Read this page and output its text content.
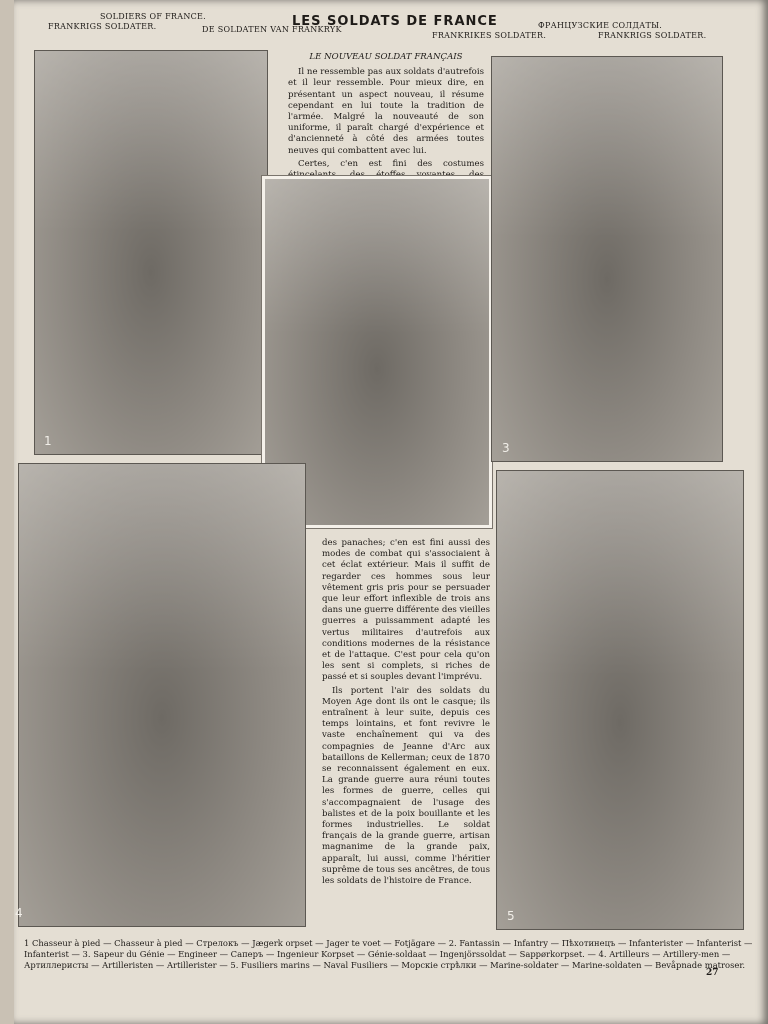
SOLDIERS OF FRANCE.
FRANKRIGS SOLDATER.	DE SOLDATEN VAN FRANKRYK
LES SOLDATS DE FRANCE
FRANKRIKES SOLDATER.
ФРАНЦУЗСКИЕ СОЛДАТЫ.
FRANKRIGS SOLDATER.
1
LE NOUVEAU SOLDAT FRANÇAIS

Il ne ressemble pas aux soldats d'autrefois et il leur ressemble. Pour mieux dire, en présentant un aspect nouveau, il résume cependant en lui toute la tradition de l'armée. Malgré la nouveauté de son uniforme, il paraît chargé d'expérience et d'ancienneté à côté des armées toutes neuves qui combattent avec lui.

Certes, c'en est fini des costumes

3
4

des panaches; c'en est fini aussi des modes de combat qui s'associaient à cet éclat extérieur. Mais il suffit de regarder ces hommes sous leur vêtement gris pris pour se persuader que leur effort inflexible de trois ans dans une guerre différente des vieilles guerres a puissamment adapté les vertus militaires d'autrefois aux conditions modernes de la résistance et de l'attaque. C'est pour cela qu'on les sent si complets, si riches de passé et si souples devant l'imprévu.

Ils portent l'air des soldats du Moyen Age dont ils ont le casque; ils entraînent à leur suite, depuis ces temps lointains, et font revivre le vaste enchaînement qui va des compagnies de Jeanne d'Arc aux bataillons de Kellerman; ceux de 1870 se reconnaissent également en eux. La grande guerre aura réuni toutes les formes de guerre, celles qui s'accompagnaient de l'usage des balistes et de la poix bouillante et les formes industrielles. Le soldat français de la grande guerre, artisan magnanime de la grande paix, apparaît, lui aussi, comme l'héritier suprême de tous ses ancêtres, de tous les soldats de l'histoire de France.

5
1 Chasseur à pied — Chasseur à pied — Стрелокъ — Jægerk orpset — Jager te voet — Fotjägare — 2. Fantassin — Infantry — Пѣхотинецъ — Infanterister — Infanterist — Infanterist — 3. Sapeur du Génie — Engineer — Саперъ — Ingenieur Korpset — Génie-soldaat — Ingenjörssoldat — Sappørkorpset. — 4. Artilleurs — Artillery-men — Артиллеристы — Artilleristen — Artillerister — 5. Fusiliers marins — Naval Fusiliers — Морскіе стрѣлки — Marine-soldater — Marine-soldaten — Bevåpnade matroser.
27
